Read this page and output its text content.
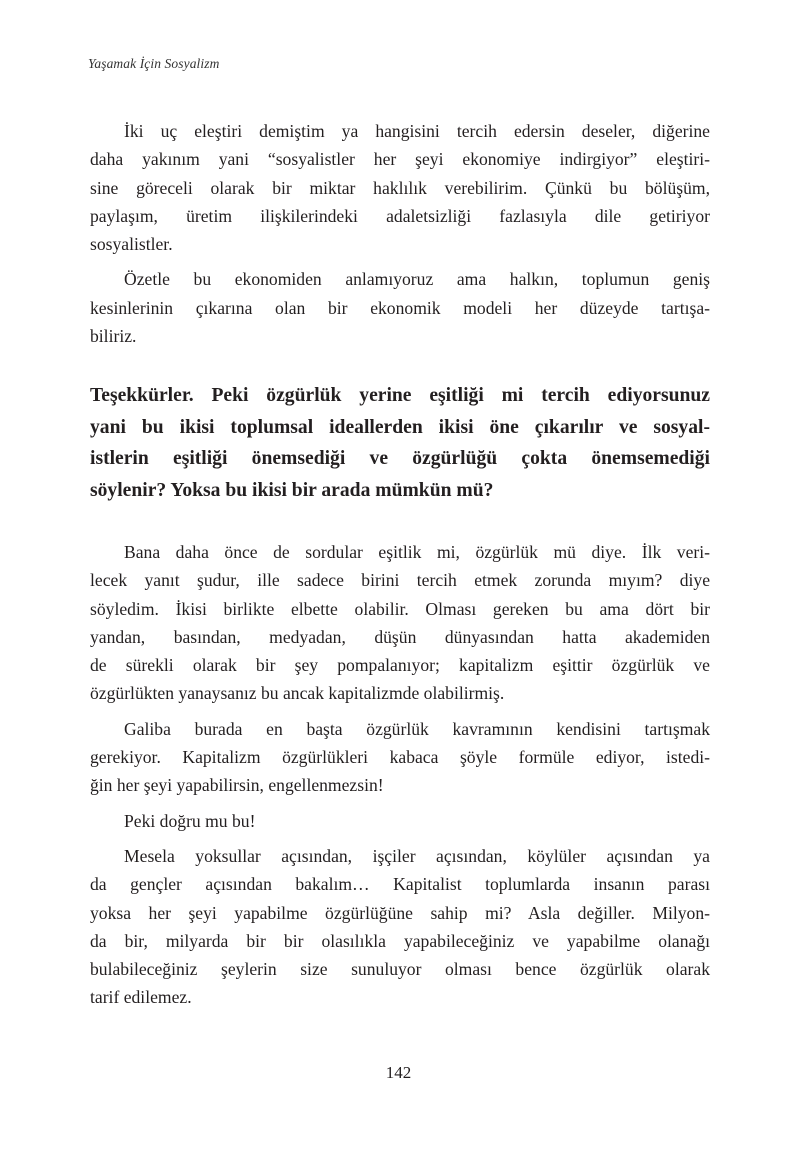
Yaşamak İçin Sosyalizm

İki uç eleştiri demiştim ya hangisini tercih edersin deseler, diğerine
daha yakınım yani “sosyalistler her şeyi ekonomiye indirgiyor” eleştiri-
sine göreceli olarak bir miktar haklılık verebilirim. Çünkü bu bölüşüm,
paylaşım, üretim ilişkilerindeki adaletsizliği fazlasıyla dile getiriyor
sosyalistler.

Özetle bu ekonomiden anlamıyoruz ama halkın, toplumun geniş
kesinlerinin çıkarına olan bir ekonomik modeli her düzeyde tartışa-
biliriz.

Teşekkürler. Peki özgürlük yerine eşitliği mi tercih ediyorsunuz
yani bu ikisi toplumsal ideallerden ikisi öne çıkarılır ve sosyal-
istlerin eşitliği önemsediği ve özgürlüğü çokta önemsemediği
söylenir? Yoksa bu ikisi bir arada mümkün mü?

Bana daha önce de sordular eşitlik mi, özgürlük mü diye. İlk veri-
lecek yanıt şudur, ille sadece birini tercih etmek zorunda mıyım? diye
söyledim. İkisi birlikte elbette olabilir. Olması gereken bu ama dört bir
yandan, basından, medyadan, düşün dünyasından hatta akademiden
de sürekli olarak bir şey pompalanıyor; kapitalizm eşittir özgürlük ve
özgürlükten yanaysanız bu ancak kapitalizmde olabilirmiş.

Galiba burada en başta özgürlük kavramının kendisini tartışmak
gerekiyor. Kapitalizm özgürlükleri kabaca şöyle formüle ediyor, istedi-
ğin her şeyi yapabilirsin, engellenmezsin!

Peki doğru mu bu!

Mesela yoksullar açısından, işçiler açısından, köylüler açısından ya
da gençler açısından bakalım… Kapitalist toplumlarda insanın parası
yoksa her şeyi yapabilme özgürlüğüne sahip mi? Asla değiller. Milyon-
da bir, milyarda bir bir olasılıkla yapabileceğiniz ve yapabilme olanağı
bulabileceğiniz şeylerin size sunuluyor olması bence özgürlük olarak
tarif edilemez.

142
